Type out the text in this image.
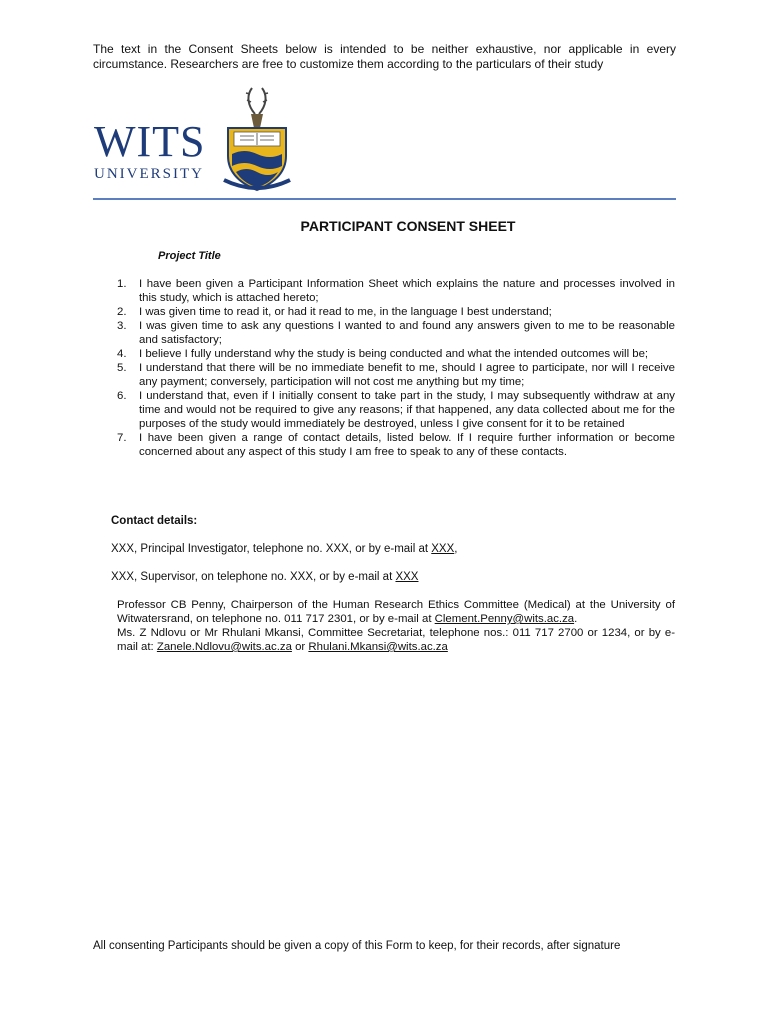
The text in the Consent Sheets below is intended to be neither exhaustive, nor applicable in every circumstance. Researchers are free to customize them according to the particulars of their study
WITS
UNIVERSITY
PARTICIPANT CONSENT SHEET
Project Title
1. I have been given a Participant Information Sheet which explains the nature and processes involved in this study, which is attached hereto;
2. I was given time to read it, or had it read to me, in the language I best understand;
3. I was given time to ask any questions I wanted to and found any answers given to me to be reasonable and satisfactory;
4. I believe I fully understand why the study is being conducted and what the intended outcomes will be;
5. I understand that there will be no immediate benefit to me, should I agree to participate, nor will I receive any payment; conversely, participation will not cost me anything but my time;
6. I understand that, even if I initially consent to take part in the study, I may subsequently withdraw at any time and would not be required to give any reasons; if that happened, any data collected about me for the purposes of the study would immediately be destroyed, unless I give consent for it to be retained
7. I have been given a range of contact details, listed below. If I require further information or become concerned about any aspect of this study I am free to speak to any of these contacts.
Contact details:
XXX, Principal Investigator, telephone no. XXX, or by e-mail at XXX,
XXX, Supervisor, on telephone no. XXX, or by e-mail at XXX

Professor CB Penny, Chairperson of the Human Research Ethics Committee (Medical) at the University of Witwatersrand, on telephone no. 011 717 2301, or by e-mail at Clement.Penny@wits.ac.za.

Ms. Z Ndlovu or Mr Rhulani Mkansi, Committee Secretariat, telephone nos.: 011 717 2700 or 1234, or by e-mail at: Zanele.Ndlovu@wits.ac.za or Rhulani.Mkansi@wits.ac.za

All consenting Participants should be given a copy of this Form to keep, for their records, after signature
